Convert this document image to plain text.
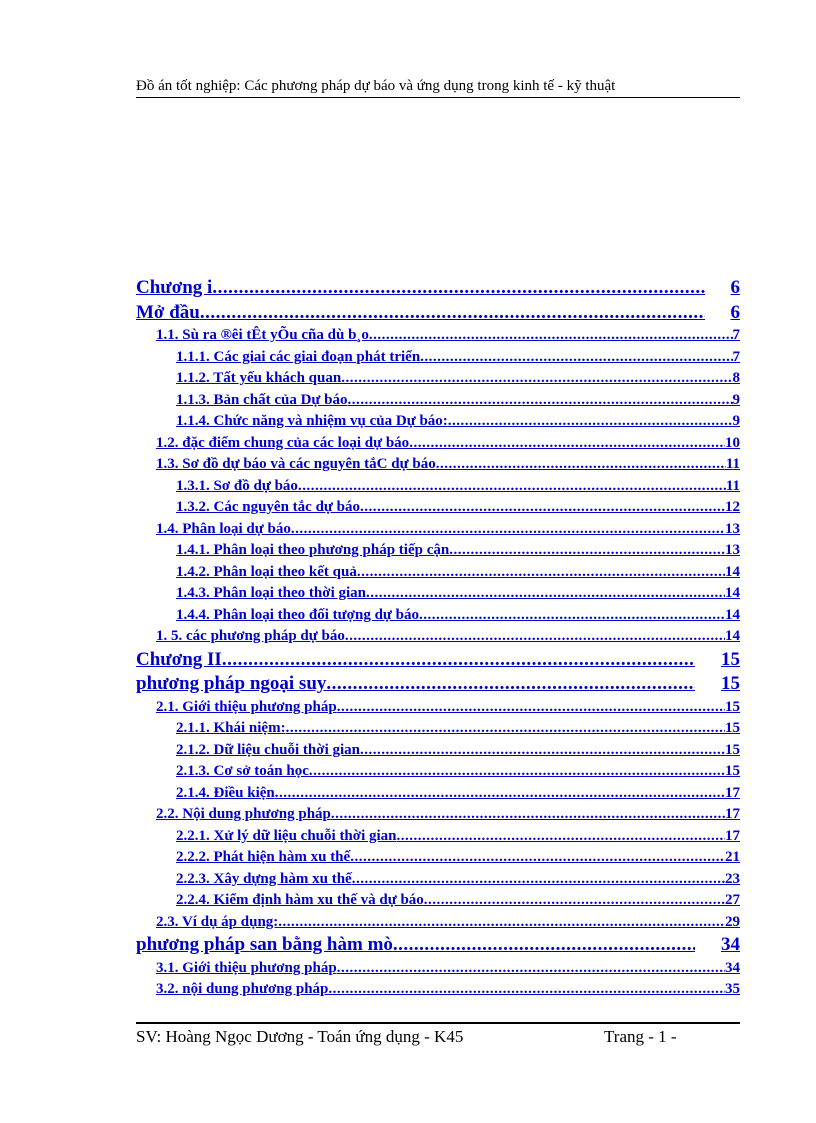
Đồ án tốt nghiệp: Các phương pháp dự báo và ứng dụng trong kinh tế - kỹ thuật
Chương i .....	6
Mở đầu .....	6
1.1. Sù ra ®êi tÊt yÕu cña dù b¸o .....	7
1.1.1. Các giai các giai đoạn phát triển .....	7
1.1.2. Tất yếu khách quan .....	8
1.1.3. Bản chất của Dự báo .....	9
1.1.4. Chức năng và nhiệm vụ của Dự báo: .....	9
1.2. đặc điểm chung của các loại dự báo .....	10
1.3. Sơ đồ dự báo và các nguyên tắC dự báo .....	11
1.3.1. Sơ đồ dự báo .....	11
1.3.2. Các nguyên tắc dự báo .....	12
1.4. Phân loại dự báo .....	13
1.4.1. Phân loại theo phương pháp tiếp cận .....	13
1.4.2. Phân loại theo kết quả .....	14
1.4.3. Phân loại theo thời gian .....	14
1.4.4. Phân loại theo đối tượng dự báo .....	14
1. 5. các phương pháp dự báo .....	14
Chương II .....	15
phương pháp ngoại suy .....	15
2.1. Giới thiệu phương pháp .....	15
2.1.1. Khái niệm: .....	15
2.1.2. Dữ liệu chuỗi thời gian .....	15
2.1.3. Cơ sở toán học .....	15
2.1.4. Điều kiện .....	17
2.2. Nội dung phương pháp .....	17
2.2.1. Xử lý dữ liệu chuỗi thời gian .....	17
2.2.2. Phát hiện hàm xu thế .....	21
2.2.3. Xây dựng hàm xu thế .....	23
2.2.4. Kiểm định hàm xu thế và dự báo .....	27
2.3. Ví dụ áp dụng: .....	29
phương pháp san bằng hàm mò .....	34
3.1. Giới thiệu phương pháp .....	34
3.2. nội dung phương pháp .....	35
SV: Hoàng Ngọc Dương - Toán ứng dụng - K45	Trang - 1 -
